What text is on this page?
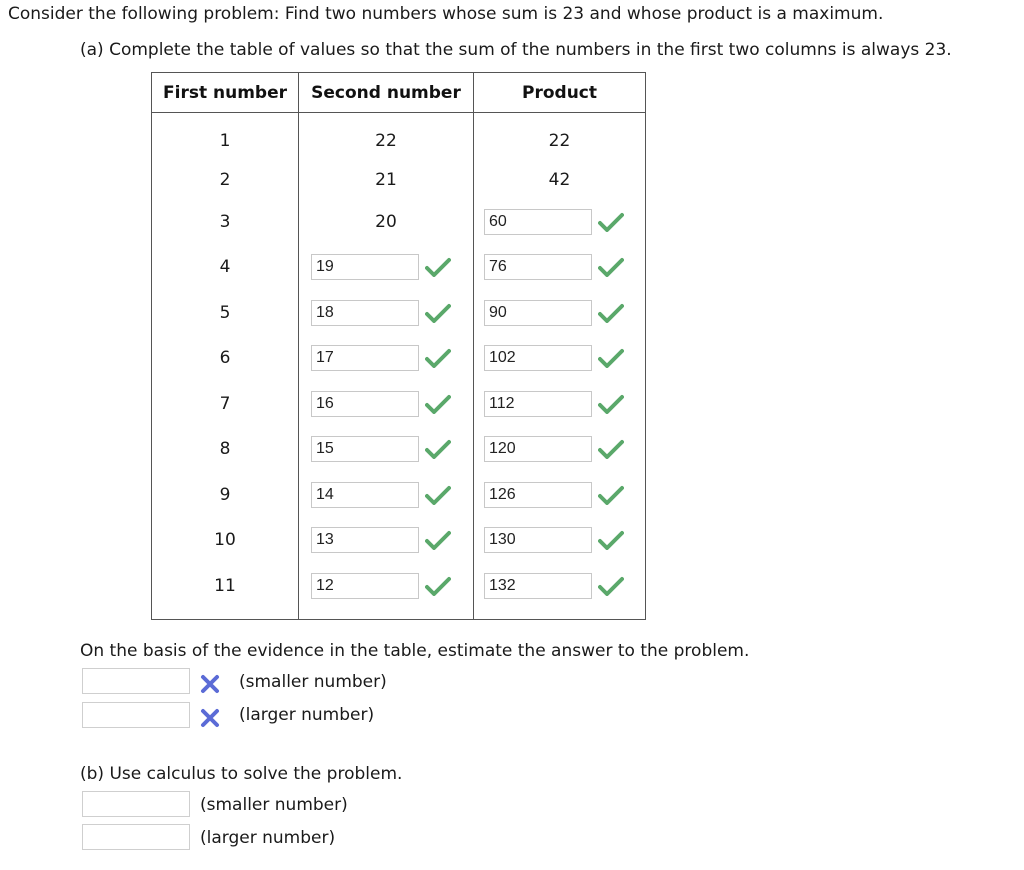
Consider the following problem: Find two numbers whose sum is 23 and whose product is a maximum.
(a) Complete the table of values so that the sum of the numbers in the first two columns is always 23.
First number	Second number	Product

1	22	22
2	21	42
3	20	60

4	19	76

5	18	90

6	17	102

7	16	112

8	15	120

9	14	126

10	13	130

11	12	132

On the basis of the evidence in the table, estimate the answer to the problem.
(smaller number)
(larger number)
(b) Use calculus to solve the problem.
(smaller number)
(larger number)
